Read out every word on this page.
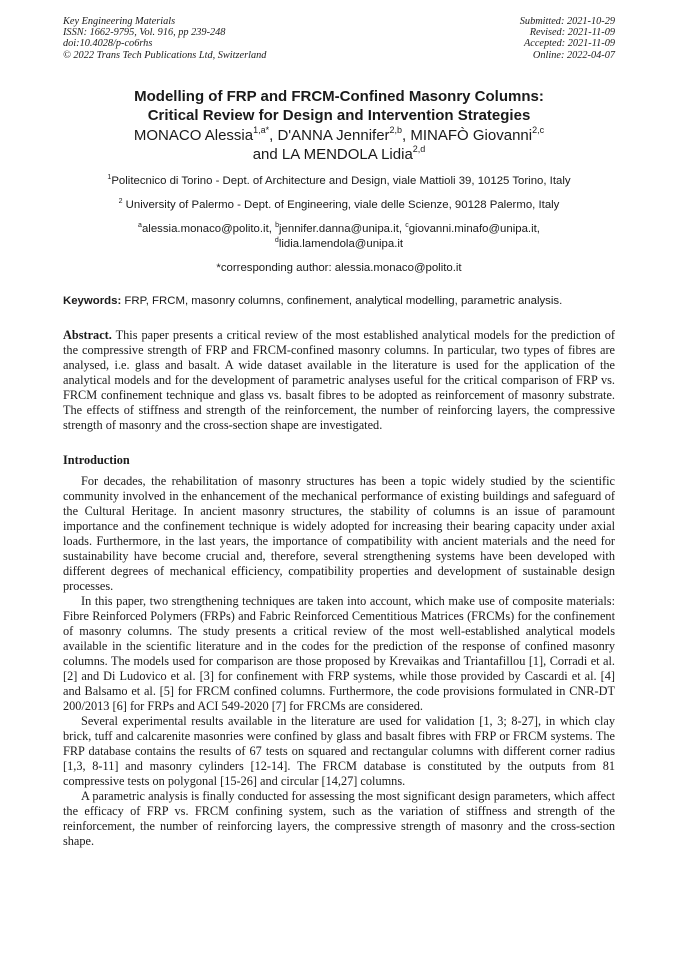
Key Engineering Materials
ISSN: 1662-9795, Vol. 916, pp 239-248
doi:10.4028/p-co6rhs
© 2022 Trans Tech Publications Ltd, Switzerland
Submitted: 2021-10-29
Revised: 2021-11-09
Accepted: 2021-11-09
Online: 2022-04-07
Modelling of FRP and FRCM-Confined Masonry Columns:
Critical Review for Design and Intervention Strategies
MONACO Alessia$^{1,a*}$, D'ANNA Jennifer$^{2,b}$, MINAFÒ Giovanni$^{2,c}$
and LA MENDOLA Lidia$^{2,d}$
$^1$Politecnico di Torino - Dept. of Architecture and Design, viale Mattioli 39, 10125 Torino, Italy
$^2$ University of Palermo - Dept. of Engineering, viale delle Scienze, 90128 Palermo, Italy
$^a$alessia.monaco@polito.it, $^b$jennifer.danna@unipa.it, $^c$giovanni.minafo@unipa.it,
$^d$lidia.lamendola@unipa.it
*corresponding author: alessia.monaco@polito.it
Keywords: FRP, FRCM, masonry columns, confinement, analytical modelling, parametric analysis.
Abstract. This paper presents a critical review of the most established analytical models for the prediction of the compressive strength of FRP and FRCM-confined masonry columns. In particular, two types of fibres are analysed, i.e. glass and basalt. A wide dataset available in the literature is used for the application of the analytical models and for the development of parametric analyses useful for the critical comparison of FRP vs. FRCM confinement technique and glass vs. basalt fibres to be adopted as reinforcement of masonry substrate. The effects of stiffness and strength of the reinforcement, the number of reinforcing layers, the compressive strength of masonry and the cross-section shape are investigated.
Introduction

For decades, the rehabilitation of masonry structures has been a topic widely studied by the scientific community involved in the enhancement of the mechanical performance of existing buildings and safeguard of the Cultural Heritage. In ancient masonry structures, the stability of columns is an issue of paramount importance and the confinement technique is widely adopted for increasing their bearing capacity under axial loads. Furthermore, in the last years, the importance of compatibility with ancient materials and the need for sustainability have become crucial and, therefore, several strengthening systems have been developed with different degrees of mechanical efficiency, compatibility properties and development of sustainable design processes.

In this paper, two strengthening techniques are taken into account, which make use of composite materials: Fibre Reinforced Polymers (FRPs) and Fabric Reinforced Cementitious Matrices (FRCMs) for the confinement of masonry columns. The study presents a critical review of the most well-established analytical models available in the scientific literature and in the codes for the prediction of the response of confined masonry columns. The models used for comparison are those proposed by Krevaikas and Triantafillou [1], Corradi et al. [2] and Di Ludovico et al. [3] for confinement with FRP systems, while those provided by Cascardi et al. [4] and Balsamo et al. [5] for FRCM confined columns. Furthermore, the code provisions formulated in CNR-DT 200/2013 [6] for FRPs and ACI 549-2020 [7] for FRCMs are considered.

Several experimental results available in the literature are used for validation [1, 3; 8-27], in which clay brick, tuff and calcarenite masonries were confined by glass and basalt fibres with FRP or FRCM systems. The FRP database contains the results of 67 tests on squared and rectangular columns with different corner radius [1,3, 8-11] and masonry cylinders [12-14]. The FRCM database is constituted by the outputs from 81 compressive tests on polygonal [15-26] and circular [14,27] columns.

A parametric analysis is finally conducted for assessing the most significant design parameters, which affect the efficacy of FRP vs. FRCM confining system, such as the variation of stiffness and strength of the reinforcement, the number of reinforcing layers, the compressive strength of masonry and the cross-section shape.
